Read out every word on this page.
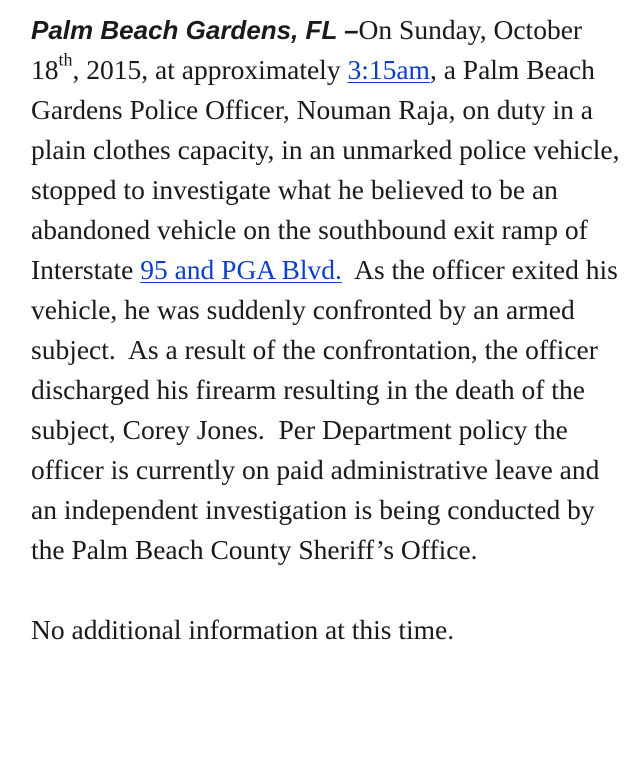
Palm Beach Gardens, FL –On Sunday, October 18th, 2015, at approximately 3:15am, a Palm Beach Gardens Police Officer, Nouman Raja, on duty in a plain clothes capacity, in an unmarked police vehicle, stopped to investigate what he believed to be an abandoned vehicle on the southbound exit ramp of Interstate 95 and PGA Blvd.  As the officer exited his vehicle, he was suddenly confronted by an armed subject.  As a result of the confrontation, the officer discharged his firearm resulting in the death of the subject, Corey Jones.  Per Department policy the officer is currently on paid administrative leave and an independent investigation is being conducted by the Palm Beach County Sheriff’s Office.

No additional information at this time.
